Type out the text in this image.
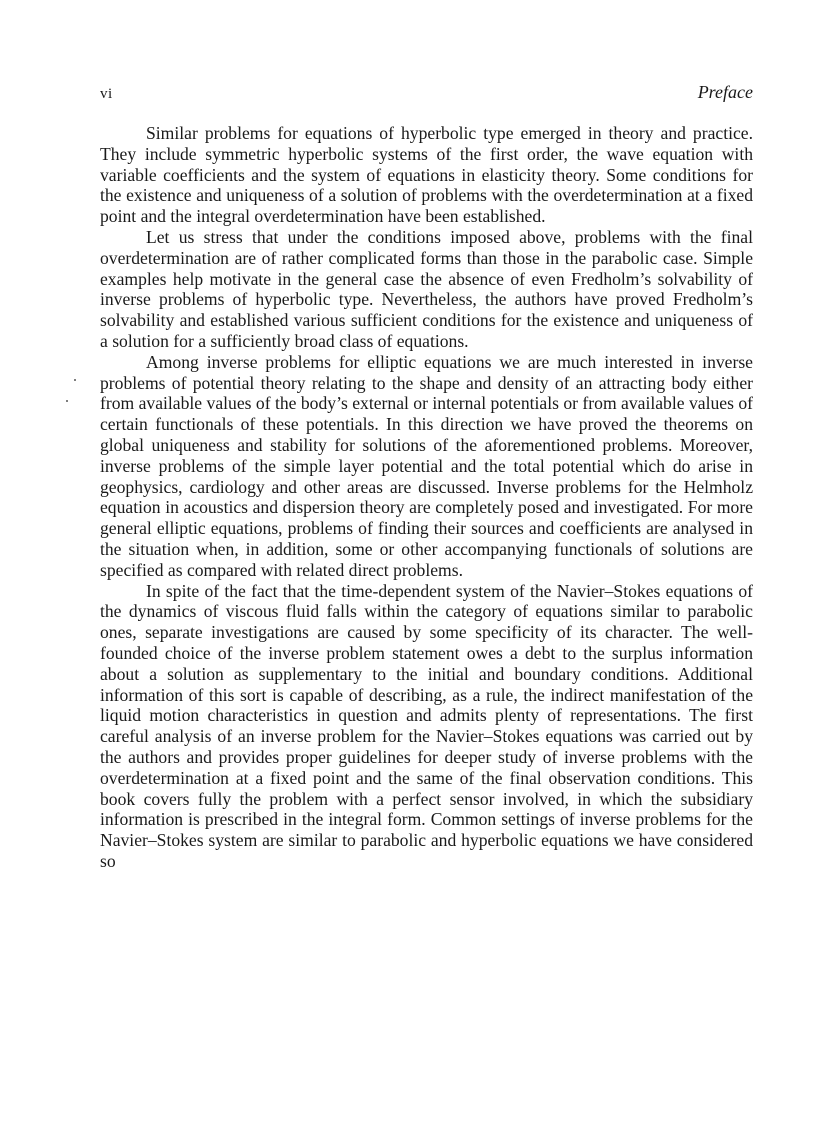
vi	Preface

Similar problems for equations of hyperbolic type emerged in theory and practice. They include symmetric hyperbolic systems of the first order, the wave equation with variable coefficients and the system of equations in elasticity theory. Some conditions for the existence and uniqueness of a solution of problems with the overdetermination at a fixed point and the integral overdetermination have been established.

Let us stress that under the conditions imposed above, problems with the final overdetermination are of rather complicated forms than those in the parabolic case. Simple examples help motivate in the general case the absence of even Fredholm’s solvability of inverse problems of hyperbolic type. Nevertheless, the authors have proved Fredholm’s solvability and established various sufficient conditions for the existence and uniqueness of a solution for a sufficiently broad class of equations.

Among inverse problems for elliptic equations we are much interested in inverse problems of potential theory relating to the shape and density of an attracting body either from available values of the body’s external or internal potentials or from available values of certain functionals of these potentials. In this direction we have proved the theorems on global uniqueness and stability for solutions of the aforementioned problems. Moreover, inverse problems of the simple layer potential and the total potential which do arise in geophysics, cardiology and other areas are discussed. Inverse problems for the Helmholz equation in acoustics and dispersion theory are completely posed and investigated. For more general elliptic equations, problems of finding their sources and coefficients are analysed in the situation when, in addition, some or other accompanying functionals of solutions are specified as compared with related direct problems.

In spite of the fact that the time-dependent system of the Navier–Stokes equations of the dynamics of viscous fluid falls within the category of equations similar to parabolic ones, separate investigations are caused by some specificity of its character. The well-founded choice of the inverse problem statement owes a debt to the surplus information about a solution as supplementary to the initial and boundary conditions. Additional information of this sort is capable of describing, as a rule, the indirect manifestation of the liquid motion characteristics in question and admits plenty of representations. The first careful analysis of an inverse problem for the Navier–Stokes equations was carried out by the authors and provides proper guidelines for deeper study of inverse problems with the overdetermination at a fixed point and the same of the final observation conditions. This book covers fully the problem with a perfect sensor involved, in which the subsidiary information is prescribed in the integral form. Common settings of inverse problems for the Navier–Stokes system are similar to parabolic and hyperbolic equations we have considered so
